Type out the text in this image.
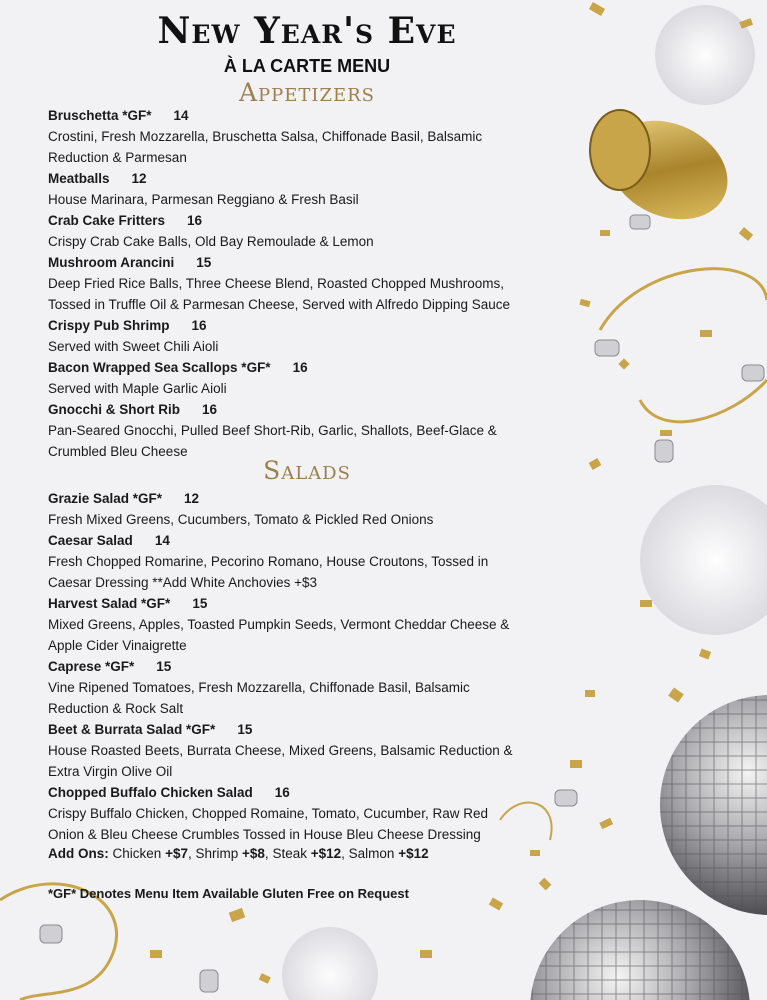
New Year's Eve
À LA CARTE MENU
Appetizers
Bruschetta *GF* 14
Crostini, Fresh Mozzarella, Bruschetta Salsa, Chiffonade Basil, Balsamic
Reduction & Parmesan
Meatballs 12
House Marinara, Parmesan Reggiano & Fresh Basil
Crab Cake Fritters 16
Crispy Crab Cake Balls, Old Bay Remoulade & Lemon
Mushroom Arancini 15
Deep Fried Rice Balls, Three Cheese Blend, Roasted Chopped Mushrooms,
Tossed in Truffle Oil & Parmesan Cheese, Served with Alfredo Dipping Sauce
Crispy Pub Shrimp 16
Served with Sweet Chili Aioli
Bacon Wrapped Sea Scallops *GF* 16
Served with Maple Garlic Aioli
Gnocchi & Short Rib 16
Pan-Seared Gnocchi, Pulled Beef Short-Rib, Garlic, Shallots, Beef-Glace &
Crumbled Bleu Cheese
Salads
Grazie Salad *GF* 12
Fresh Mixed Greens, Cucumbers, Tomato & Pickled Red Onions
Caesar Salad 14
Fresh Chopped Romarine, Pecorino Romano, House Croutons, Tossed in
Caesar Dressing **Add White Anchovies +$3
Harvest Salad *GF* 15
Mixed Greens, Apples, Toasted Pumpkin Seeds, Vermont Cheddar Cheese &
Apple Cider Vinaigrette
Caprese *GF* 15
Vine Ripened Tomatoes, Fresh Mozzarella, Chiffonade Basil, Balsamic
Reduction & Rock Salt
Beet & Burrata Salad *GF* 15
House Roasted Beets, Burrata Cheese, Mixed Greens, Balsamic Reduction &
Extra Virgin Olive Oil
Chopped Buffalo Chicken Salad 16
Crispy Buffalo Chicken, Chopped Romaine, Tomato, Cucumber, Raw Red
Onion & Bleu Cheese Crumbles Tossed in House Bleu Cheese Dressing
Add Ons: Chicken +$7, Shrimp +$8, Steak +$12, Salmon +$12
*GF* Denotes Menu Item Available Gluten Free on Request
